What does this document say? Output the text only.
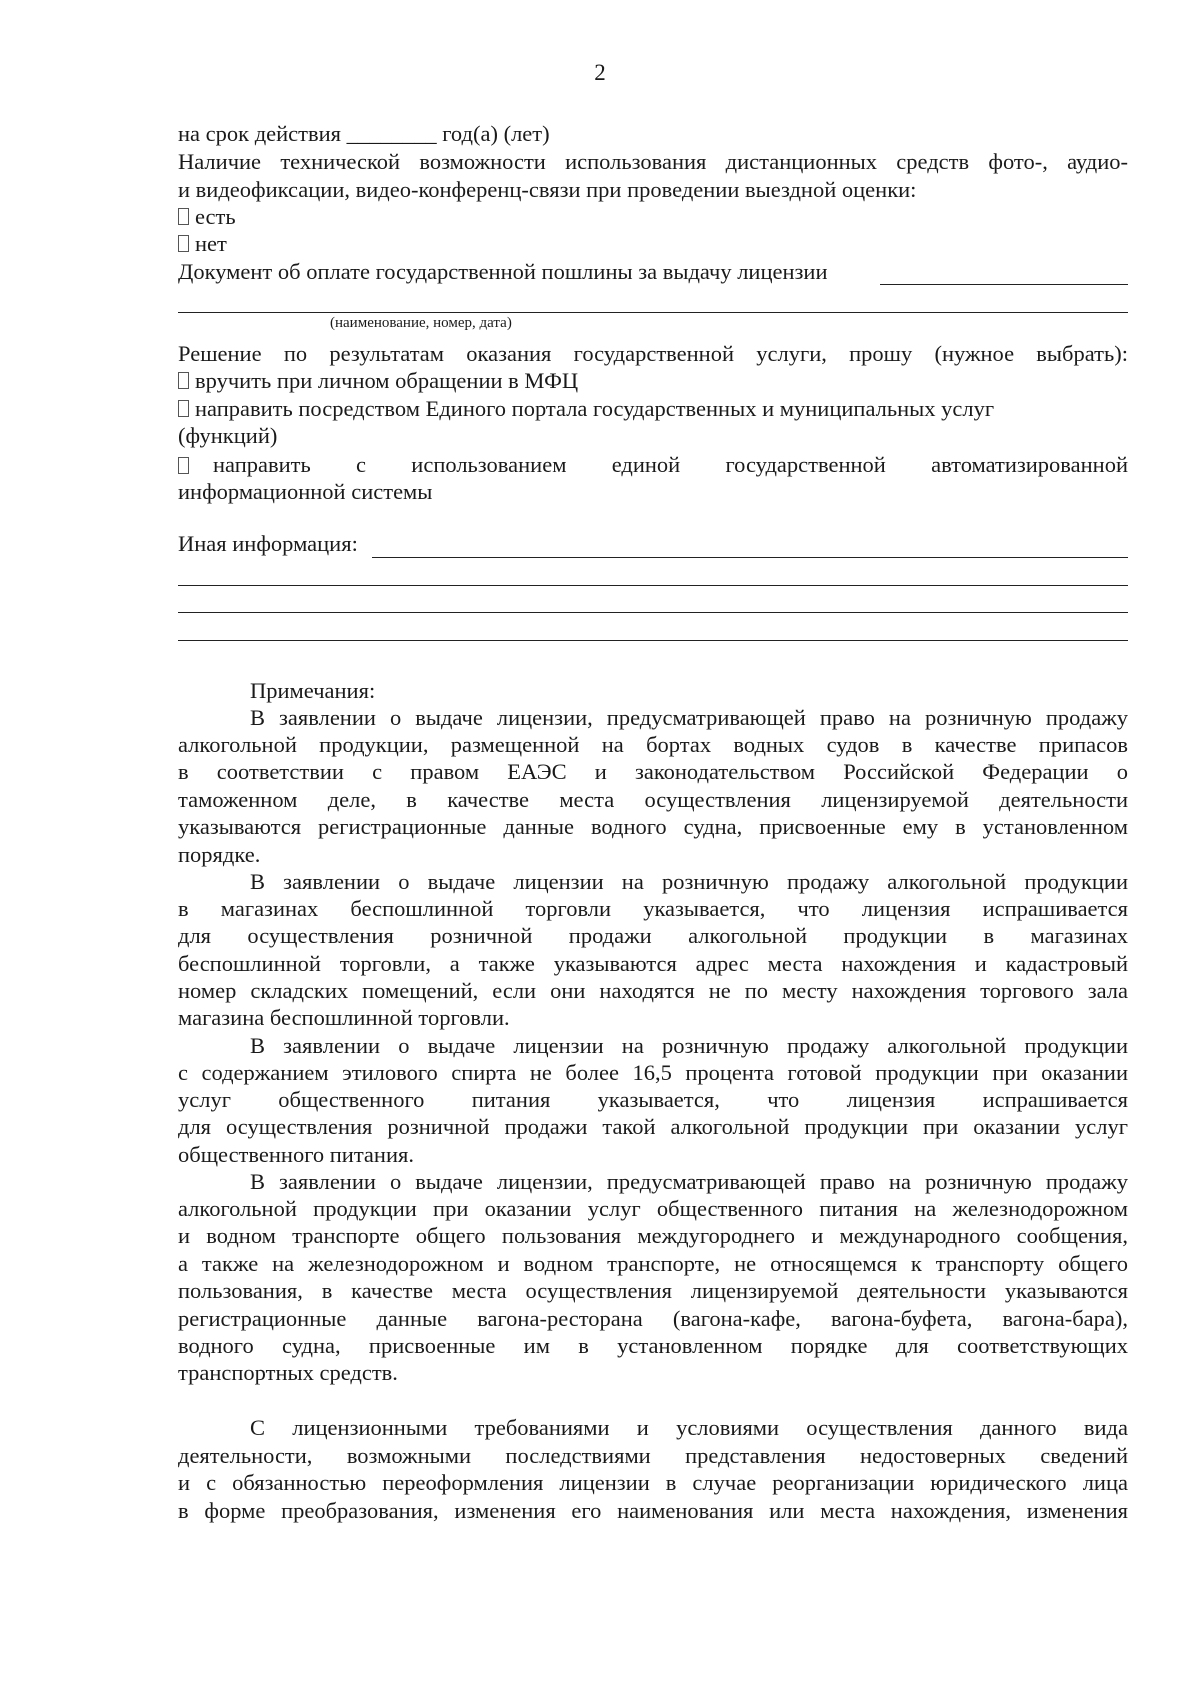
2
на срок действия ________ год(а) (лет)
Наличие технической возможности использования дистанционных средств фото-, аудио-
и видеофиксации, видео-конференц-связи при проведении выездной оценки:
есть
нет
Документ об оплате государственной пошлины за выдачу лицензии
(наименование, номер, дата)
Решение по результатам оказания государственной услуги, прошу (нужное выбрать):
вручить при личном обращении в МФЦ
направить посредством Единого портала государственных и муниципальных услуг
(функций)
направить с использованием единой государственной автоматизированной
информационной системы
Иная информация:
Примечания:
В заявлении о выдаче лицензии, предусматривающей право на розничную продажу
алкогольной продукции, размещенной на бортах водных судов в качестве припасов
в соответствии с правом ЕАЭС и законодательством Российской Федерации о
таможенном деле, в качестве места осуществления лицензируемой деятельности
указываются регистрационные данные водного судна, присвоенные ему в установленном
порядке.
В заявлении о выдаче лицензии на розничную продажу алкогольной продукции
в магазинах беспошлинной торговли указывается, что лицензия испрашивается
для осуществления розничной продажи алкогольной продукции в магазинах
беспошлинной торговли, а также указываются адрес места нахождения и кадастровый
номер складских помещений, если они находятся не по месту нахождения торгового зала
магазина беспошлинной торговли.
В заявлении о выдаче лицензии на розничную продажу алкогольной продукции
с содержанием этилового спирта не более 16,5 процента готовой продукции при оказании
услуг общественного питания указывается, что лицензия испрашивается
для осуществления розничной продажи такой алкогольной продукции при оказании услуг
общественного питания.
В заявлении о выдаче лицензии, предусматривающей право на розничную продажу
алкогольной продукции при оказании услуг общественного питания на железнодорожном
и водном транспорте общего пользования междугороднего и международного сообщения,
а также на железнодорожном и водном транспорте, не относящемся к транспорту общего
пользования, в качестве места осуществления лицензируемой деятельности указываются
регистрационные данные вагона-ресторана (вагона-кафе, вагона-буфета, вагона-бара),
водного судна, присвоенные им в установленном порядке для соответствующих
транспортных средств.
С лицензионными требованиями и условиями осуществления данного вида
деятельности, возможными последствиями представления недостоверных сведений
и с обязанностью переоформления лицензии в случае реорганизации юридического лица
в форме преобразования, изменения его наименования или места нахождения, изменения
